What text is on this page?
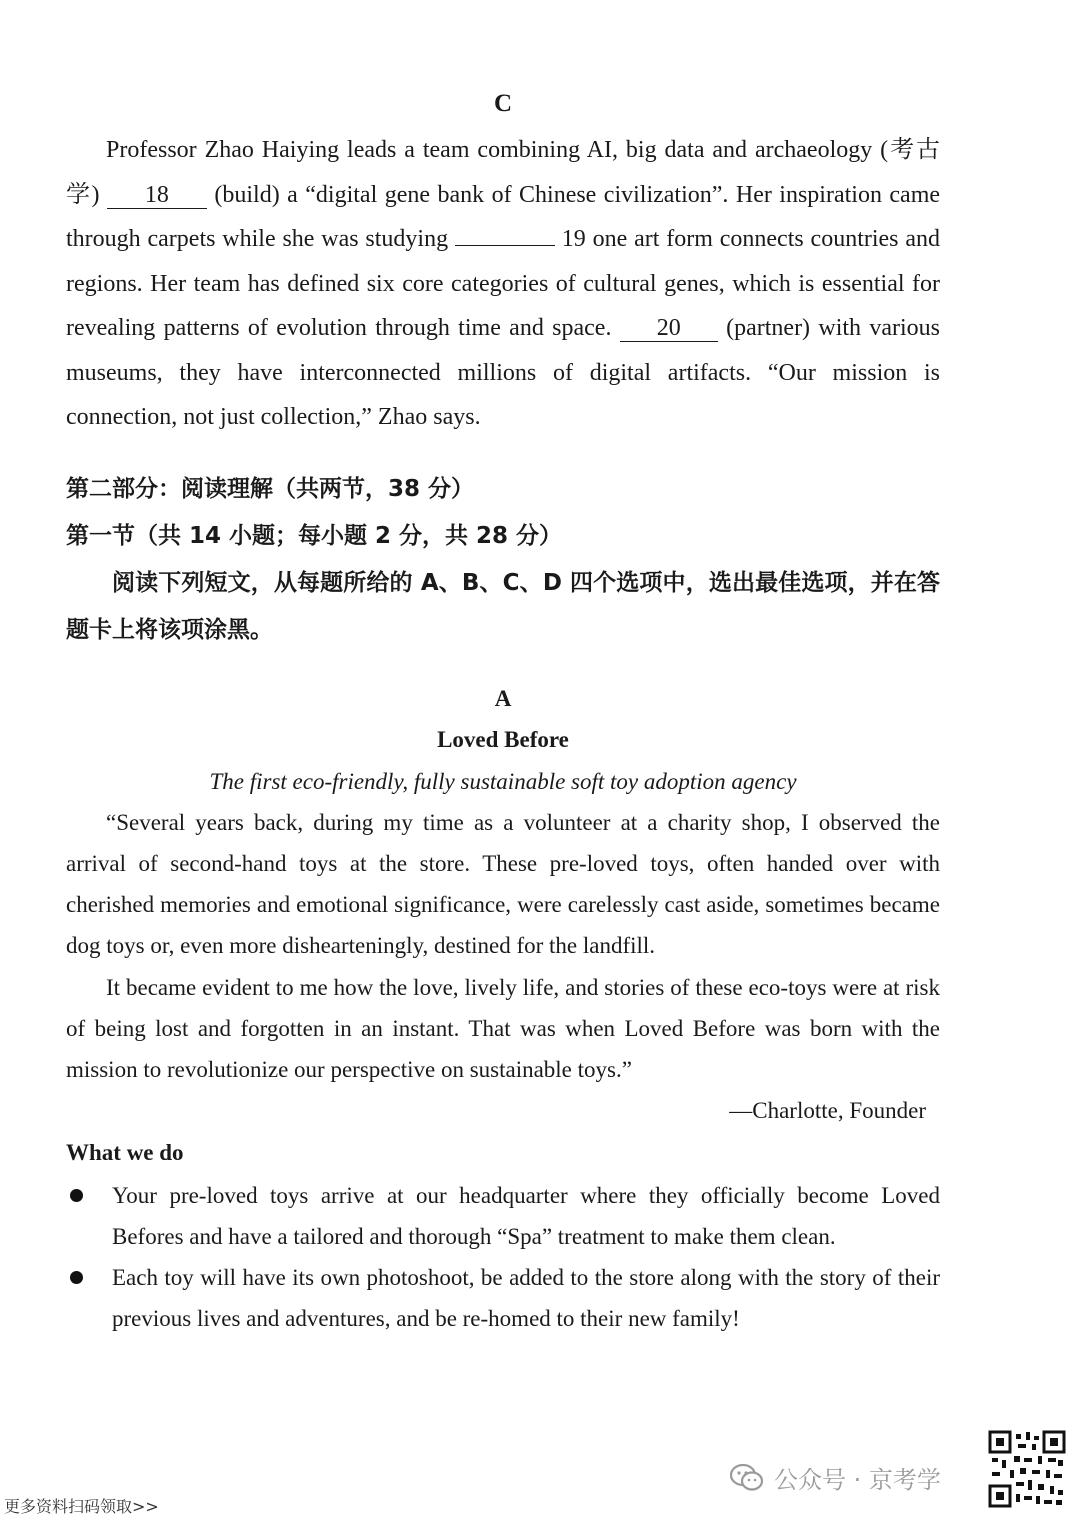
C

Professor Zhao Haiying leads a team combining AI, big data and archaeology (考古学) 18 (build) a “digital gene bank of Chinese civilization”. Her inspiration came through carpets while she was studying	19 one art form connects countries and regions. Her team has defined six core categories of cultural genes, which is essential for revealing patterns of evolution through time and space. 20 (partner) with various museums, they have interconnected millions of digital artifacts. “Our mission is connection, not just collection,” Zhao says.

第二部分：阅读理解（共两节，38 分）

第一节（共 14 小题；每小题 2 分，共 28 分）

阅读下列短文，从每题所给的 A、B、C、D 四个选项中，选出最佳选项，并在答题卡上将该项涂黑。

A
Loved Before
The first eco-friendly, fully sustainable soft toy adoption agency

“Several years back, during my time as a volunteer at a charity shop, I observed the arrival of second-hand toys at the store. These pre-loved toys, often handed over with cherished memories and emotional significance, were carelessly cast aside, sometimes became dog toys or, even more dishearteningly, destined for the landfill.

It became evident to me how the love, lively life, and stories of these eco-toys were at risk of being lost and forgotten in an instant. That was when Loved Before was born with the mission to revolutionize our perspective on sustainable toys.”

—Charlotte, Founder
What we do
Your pre-loved toys arrive at our headquarter where they officially become Loved Befores and have a tailored and thorough “Spa” treatment to make them clean.
Each toy will have its own photoshoot, be added to the store along with the story of their previous lives and adventures, and be re-homed to their new family!
公众号 · 京考学
更多资料扫码领取>>
